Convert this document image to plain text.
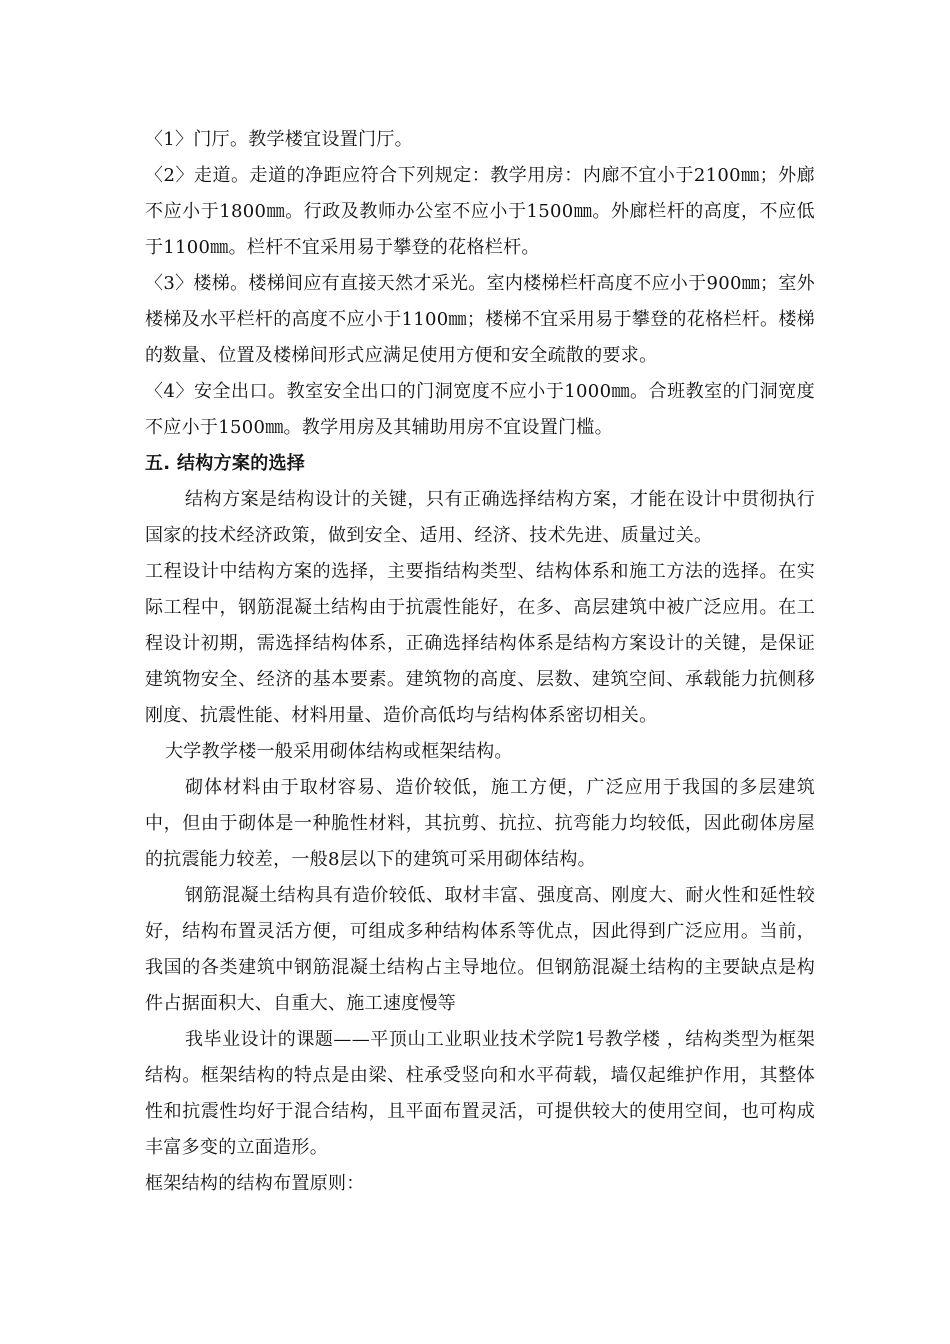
〈1〉门厅。教学楼宜设置门厅。

〈2〉走道。走道的净距应符合下列规定：教学用房：内廊不宜小于2100㎜；外廊不应小于1800㎜。行政及教师办公室不应小于1500㎜。外廊栏杆的高度，不应低于1100㎜。栏杆不宜采用易于攀登的花格栏杆。

〈3〉楼梯。楼梯间应有直接天然才采光。室内楼梯栏杆高度不应小于900㎜；室外楼梯及水平栏杆的高度不应小于1100㎜；楼梯不宜采用易于攀登的花格栏杆。楼梯的数量、位置及楼梯间形式应满足使用方便和安全疏散的要求。

〈4〉安全出口。教室安全出口的门洞宽度不应小于1000㎜。合班教室的门洞宽度不应小于1500㎜。教学用房及其辅助用房不宜设置门槛。

五. 结构方案的选择

结构方案是结构设计的关键，只有正确选择结构方案，才能在设计中贯彻执行国家的技术经济政策，做到安全、适用、经济、技术先进、质量过关。

工程设计中结构方案的选择，主要指结构类型、结构体系和施工方法的选择。在实际工程中，钢筋混凝土结构由于抗震性能好，在多、高层建筑中被广泛应用。在工程设计初期，需选择结构体系，正确选择结构体系是结构方案设计的关键，是保证建筑物安全、经济的基本要素。建筑物的高度、层数、建筑空间、承载能力抗侧移刚度、抗震性能、材料用量、造价高低均与结构体系密切相关。

大学教学楼一般采用砌体结构或框架结构。

砌体材料由于取材容易、造价较低，施工方便，广泛应用于我国的多层建筑中，但由于砌体是一种脆性材料，其抗剪、抗拉、抗弯能力均较低，因此砌体房屋的抗震能力较差，一般8层以下的建筑可采用砌体结构。

钢筋混凝土结构具有造价较低、取材丰富、强度高、刚度大、耐火性和延性较好，结构布置灵活方便，可组成多种结构体系等优点，因此得到广泛应用。当前，我国的各类建筑中钢筋混凝土结构占主导地位。但钢筋混凝土结构的主要缺点是构件占据面积大、自重大、施工速度慢等

我毕业设计的课题——平顶山工业职业技术学院1号教学楼 ，结构类型为框架结构。框架结构的特点是由梁、柱承受竖向和水平荷载，墙仅起维护作用，其整体性和抗震性均好于混合结构，且平面布置灵活，可提供较大的使用空间，也可构成丰富多变的立面造形。

框架结构的结构布置原则：
